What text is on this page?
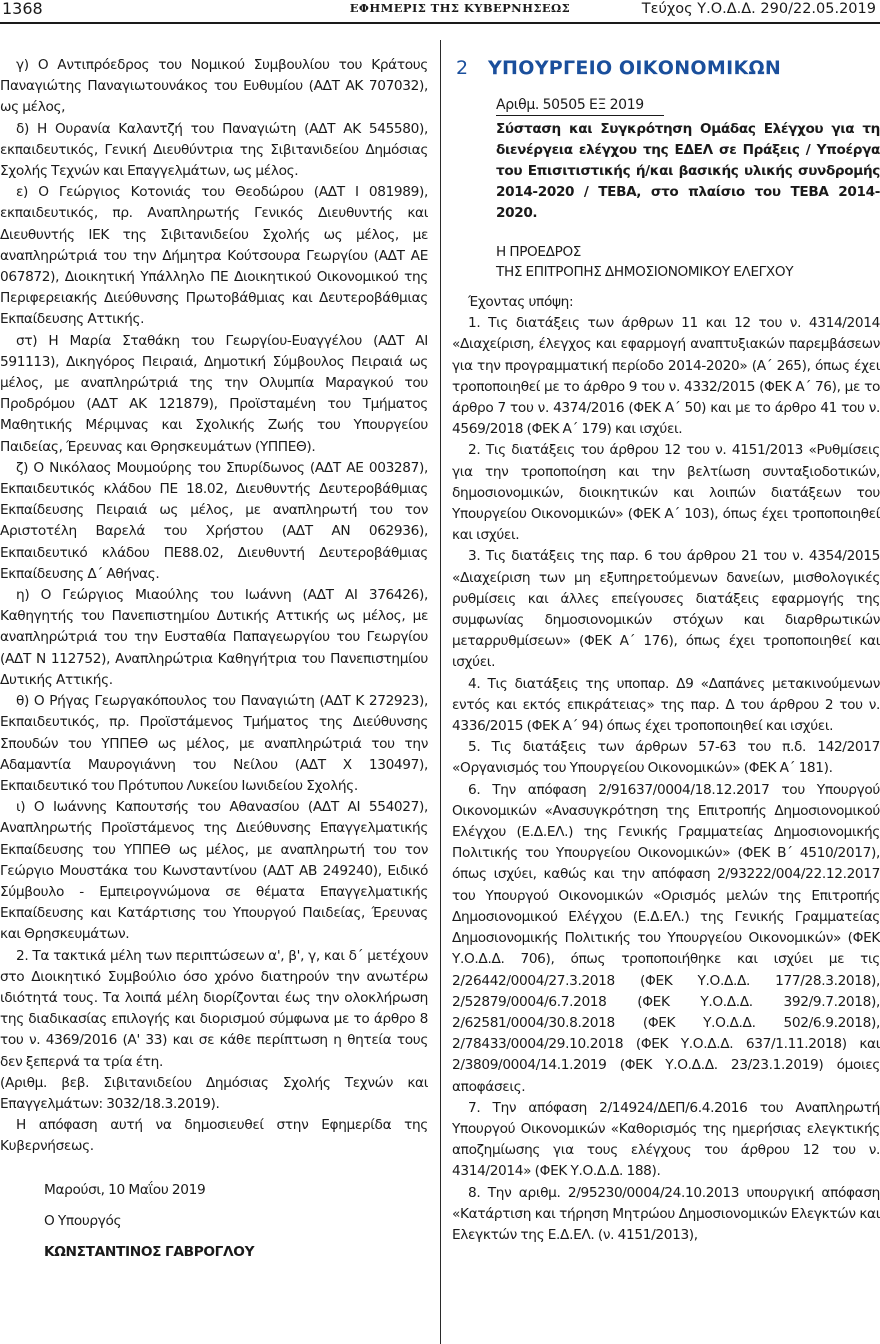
1368	ΕΦΗΜΕΡΙΣ ΤΗΣ ΚΥΒΕΡΝΗΣΕΩΣ	Τεύχος Υ.Ο.Δ.Δ. 290/22.05.2019

γ) Ο Αντιπρόεδρος του Νομικού Συμβουλίου του Κράτους Παναγιώτης Παναγιωτουνάκος του Ευθυμίου (ΑΔΤ ΑΚ 707032), ως μέλος,

δ) Η Ουρανία Καλαντζή του Παναγιώτη (ΑΔΤ ΑΚ 545580), εκπαιδευτικός, Γενική Διευθύντρια της Σιβιτανιδείου Δημόσιας Σχολής Τεχνών και Επαγγελμάτων, ως μέλος.

ε) Ο Γεώργιος Κοτονιάς του Θεοδώρου (ΑΔΤ Ι 081989), εκπαιδευτικός, πρ. Αναπληρωτής Γενικός Διευθυντής και Διευθυντής ΙΕΚ της Σιβιτανιδείου Σχολής ως μέλος, με αναπληρώτριά του την Δήμητρα Κούτσουρα Γεωργίου (ΑΔΤ ΑΕ 067872), Διοικητική Υπάλληλο ΠΕ Διοικητικού Οικονομικού της Περιφερειακής Διεύθυνσης Πρωτοβάθμιας και Δευτεροβάθμιας Εκπαίδευσης Αττικής.

στ) Η Μαρία Σταθάκη του Γεωργίου-Ευαγγέλου (ΑΔΤ ΑΙ 591113), Δικηγόρος Πειραιά, Δημοτική Σύμβουλος Πειραιά ως μέλος, με αναπληρώτριά της την Ολυμπία Μαραγκού του Προδρόμου (ΑΔΤ ΑΚ 121879), Προϊσταμένη του Τμήματος Μαθητικής Μέριμνας και Σχολικής Ζωής του Υπουργείου Παιδείας, Έρευνας και Θρησκευμάτων (ΥΠΠΕΘ).

ζ) Ο Νικόλαος Μουμούρης του Σπυρίδωνος (ΑΔΤ ΑΕ 003287), Εκπαιδευτικός κλάδου ΠΕ 18.02, Διευθυντής Δευτεροβάθμιας Εκπαίδευσης Πειραιά ως μέλος, με αναπληρωτή του τον Αριστοτέλη Βαρελά του Χρήστου (ΑΔΤ ΑΝ 062936), Εκπαιδευτικό κλάδου ΠΕ88.02, Διευθυντή Δευτεροβάθμιας Εκπαίδευσης Δ΄ Αθήνας.

η) Ο Γεώργιος Μιαούλης του Ιωάννη (ΑΔΤ ΑΙ 376426), Καθηγητής του Πανεπιστημίου Δυτικής Αττικής ως μέλος, με αναπληρώτριά του την Ευσταθία Παπαγεωργίου του Γεωργίου (ΑΔΤ Ν 112752), Αναπληρώτρια Καθηγήτρια του Πανεπιστημίου Δυτικής Αττικής.

θ) Ο Ρήγας Γεωργακόπουλος του Παναγιώτη (ΑΔΤ Κ 272923), Εκπαιδευτικός, πρ. Προϊστάμενος Τμήματος της Διεύθυνσης Σπουδών του ΥΠΠΕΘ ως μέλος, με αναπληρώτριά του την Αδαμαντία Μαυρογιάννη του Νείλου (ΑΔΤ Χ 130497), Εκπαιδευτικό του Πρότυπου Λυκείου Ιωνιδείου Σχολής.

ι) Ο Ιωάννης Καπουτσής του Αθανασίου (ΑΔΤ ΑΙ 554027), Αναπληρωτής Προϊστάμενος της Διεύθυνσης Επαγγελματικής Εκπαίδευσης του ΥΠΠΕΘ ως μέλος, με αναπληρωτή του τον Γεώργιο Μουστάκα του Κωνσταντίνου (ΑΔΤ ΑΒ 249240), Ειδικό Σύμβουλο - Εμπειρογνώμονα σε θέματα Επαγγελματικής Εκπαίδευσης και Κατάρτισης του Υπουργού Παιδείας, Έρευνας και Θρησκευμάτων.

2. Τα τακτικά μέλη των περιπτώσεων α', β', γ, και δ΄ μετέχουν στο Διοικητικό Συμβούλιο όσο χρόνο διατηρούν την ανωτέρω ιδιότητά τους. Τα λοιπά μέλη διορίζονται έως την ολοκλήρωση της διαδικασίας επιλογής και διορισμού σύμφωνα με το άρθρο 8 του ν. 4369/2016 (Α' 33) και σε κάθε περίπτωση η θητεία τους δεν ξεπερνά τα τρία έτη.

(Αριθμ. βεβ. Σιβιτανιδείου Δημόσιας Σχολής Τεχνών και Επαγγελμάτων: 3032/18.3.2019).

Η απόφαση αυτή να δημοσιευθεί στην Εφημερίδα της Κυβερνήσεως.

Μαρούσι, 10 Μαΐου 2019

Ο Υπουργός

ΚΩΝΣΤΑΝΤΙΝΟΣ ΓΑΒΡΟΓΛΟΥ

2	ΥΠΟΥΡΓΕΙΟ ΟΙΚΟΝΟΜΙΚΩΝ
Αριθμ. 50505 ΕΞ 2019
Σύσταση και Συγκρότηση Ομάδας Ελέγχου για τη διενέργεια ελέγχου της ΕΔΕΛ σε Πράξεις / Υποέργα του Επισιτιστικής ή/και βασικής υλικής συνδρομής 2014-2020 / ΤΕΒΑ, στο πλαίσιο του ΤΕΒΑ 2014-2020.
Η ΠΡΟΕΔΡΟΣ
ΤΗΣ ΕΠΙΤΡΟΠΗΣ ΔΗΜΟΣΙΟΝΟΜΙΚΟΥ ΕΛΕΓΧΟΥ

Έχοντας υπόψη:

1. Τις διατάξεις των άρθρων 11 και 12 του ν. 4314/2014 «Διαχείριση, έλεγχος και εφαρμογή αναπτυξιακών παρεμβάσεων για την προγραμματική περίοδο 2014-2020» (Α΄ 265), όπως έχει τροποποιηθεί με το άρθρο 9 του ν. 4332/2015 (ΦΕΚ Α΄ 76), με το άρθρο 7 του ν. 4374/2016 (ΦΕΚ Α΄ 50) και με το άρθρο 41 του ν. 4569/2018 (ΦΕΚ Α΄ 179) και ισχύει.

2. Τις διατάξεις του άρθρου 12 του ν. 4151/2013 «Ρυθμίσεις για την τροποποίηση και την βελτίωση συνταξιοδοτικών, δημοσιονομικών, διοικητικών και λοιπών διατάξεων του Υπουργείου Οικονομικών» (ΦΕΚ Α΄ 103), όπως έχει τροποποιηθεί και ισχύει.

3. Τις διατάξεις της παρ. 6 του άρθρου 21 του ν. 4354/2015 «Διαχείριση των μη εξυπηρετούμενων δανείων, μισθολογικές ρυθμίσεις και άλλες επείγουσες διατάξεις εφαρμογής της συμφωνίας δημοσιονομικών στόχων και διαρθρωτικών μεταρρυθμίσεων» (ΦΕΚ Α΄ 176), όπως έχει τροποποιηθεί και ισχύει.

4. Τις διατάξεις της υποπαρ. Δ9 «Δαπάνες μετακινούμενων εντός και εκτός επικράτειας» της παρ. Δ του άρθρου 2 του ν. 4336/2015 (ΦΕΚ Α΄ 94) όπως έχει τροποποιηθεί και ισχύει.

5. Τις διατάξεις των άρθρων 57-63 του π.δ. 142/2017 «Οργανισμός του Υπουργείου Οικονομικών» (ΦΕΚ Α΄ 181).

6. Την απόφαση 2/91637/0004/18.12.2017 του Υπουργού Οικονομικών «Ανασυγκρότηση της Επιτροπής Δημοσιονομικού Ελέγχου (Ε.Δ.ΕΛ.) της Γενικής Γραμματείας Δημοσιονομικής Πολιτικής του Υπουργείου Οικονομικών» (ΦΕΚ Β΄ 4510/2017), όπως ισχύει, καθώς και την απόφαση 2/93222/004/22.12.2017 του Υπουργού Οικονομικών «Ορισμός μελών της Επιτροπής Δημοσιονομικού Ελέγχου (Ε.Δ.ΕΛ.) της Γενικής Γραμματείας Δημοσιονομικής Πολιτικής του Υπουργείου Οικονομικών» (ΦΕΚ Υ.Ο.Δ.Δ. 706), όπως τροποποιήθηκε και ισχύει με τις 2/26442/0004/27.3.2018 (ΦΕΚ Υ.Ο.Δ.Δ. 177/28.3.2018), 2/52879/0004/6.7.2018 (ΦΕΚ Υ.Ο.Δ.Δ. 392/9.7.2018), 2/62581/0004/30.8.2018 (ΦΕΚ Υ.Ο.Δ.Δ. 502/6.9.2018), 2/78433/0004/29.10.2018 (ΦΕΚ Υ.Ο.Δ.Δ. 637/1.11.2018) και 2/3809/0004/14.1.2019 (ΦΕΚ Υ.Ο.Δ.Δ. 23/23.1.2019) όμοιες αποφάσεις.

7. Την απόφαση 2/14924/ΔΕΠ/6.4.2016 του Αναπληρωτή Υπουργού Οικονομικών «Καθορισμός της ημερήσιας ελεγκτικής αποζημίωσης για τους ελέγχους του άρθρου 12 του ν. 4314/2014» (ΦΕΚ Υ.Ο.Δ.Δ. 188).

8. Την αριθμ. 2/95230/0004/24.10.2013 υπουργική απόφαση «Κατάρτιση και τήρηση Μητρώου Δημοσιονομικών Ελεγκτών και Ελεγκτών της Ε.Δ.ΕΛ. (ν. 4151/2013),
